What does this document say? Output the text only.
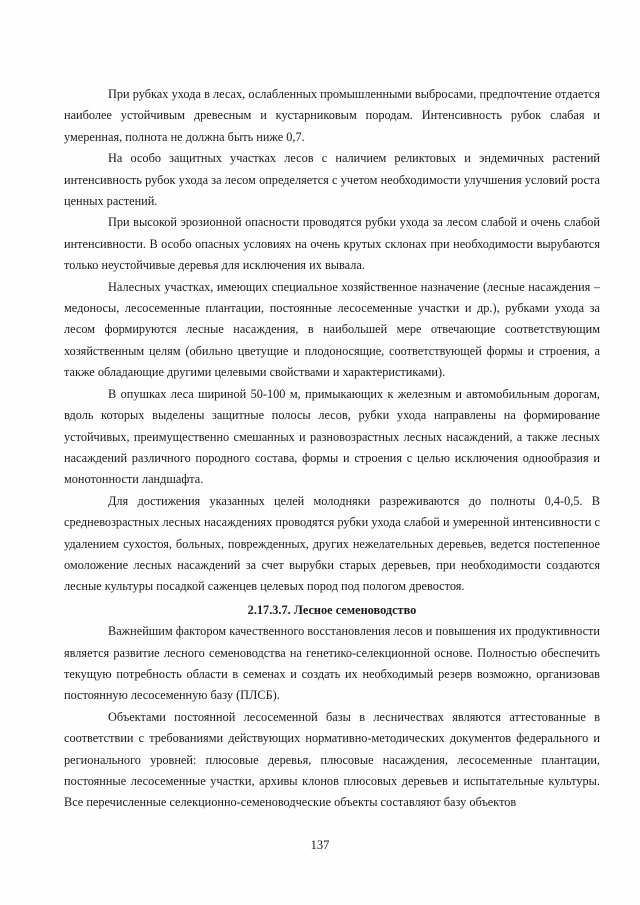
При рубках ухода в лесах, ослабленных промышленными выбросами, предпочтение отдается наиболее устойчивым древесным и кустарниковым породам. Интенсивность рубок слабая и умеренная, полнота не должна быть ниже 0,7.

На особо защитных участках лесов с наличием реликтовых и эндемичных растений интенсивность рубок ухода за лесом определяется с учетом необходимости улучшения условий роста ценных растений.

При высокой эрозионной опасности проводятся рубки ухода за лесом слабой и очень слабой интенсивности. В особо опасных условиях на очень крутых склонах при необходимости вырубаются только неустойчивые деревья для исключения их вывала.

Налесных участках, имеющих специальное хозяйственное назначение (лесные насаждения – медоносы, лесосеменные плантации, постоянные лесосеменные участки и др.), рубками ухода за лесом формируются лесные насаждения, в наибольшей мере отвечающие соответствующим хозяйственным целям (обильно цветущие и плодоносящие, соответствующей формы и строения, а также обладающие другими целевыми свойствами и характеристиками).

В опушках леса шириной 50-100 м, примыкающих к железным и автомобильным дорогам, вдоль которых выделены защитные полосы лесов, рубки ухода направлены на формирование устойчивых, преимущественно смешанных и разновозрастных лесных насаждений, а также лесных насаждений различного породного состава, формы и строения с целью исключения однообразия и монотонности ландшафта.

Для достижения указанных целей молодняки разреживаются до полноты 0,4-0,5. В средневозрастных лесных насаждениях проводятся рубки ухода слабой и умеренной интенсивности с удалением сухостоя, больных, поврежденных, других нежелательных деревьев, ведется постепенное омоложение лесных насаждений за счет вырубки старых деревьев, при необходимости создаются лесные культуры посадкой саженцев целевых пород под пологом древостоя.

2.17.3.7. Лесное семеноводство

Важнейшим фактором качественного восстановления лесов и повышения их продуктивности является развитие лесного семеноводства на генетико-селекционной основе. Полностью обеспечить текущую потребность области в семенах и создать их необходимый резерв возможно, организовав постоянную лесосеменную базу (ПЛСБ).

Объектами постоянной лесосеменной базы в лесничествах являются аттестованные в соответствии с требованиями действующих нормативно-методических документов федерального и регионального уровней: плюсовые деревья, плюсовые насаждения, лесосеменные плантации, постоянные лесосеменные участки, архивы клонов плюсовых деревьев и испытательные культуры. Все перечисленные селекционно-семеноводческие объекты составляют базу объектов

137
